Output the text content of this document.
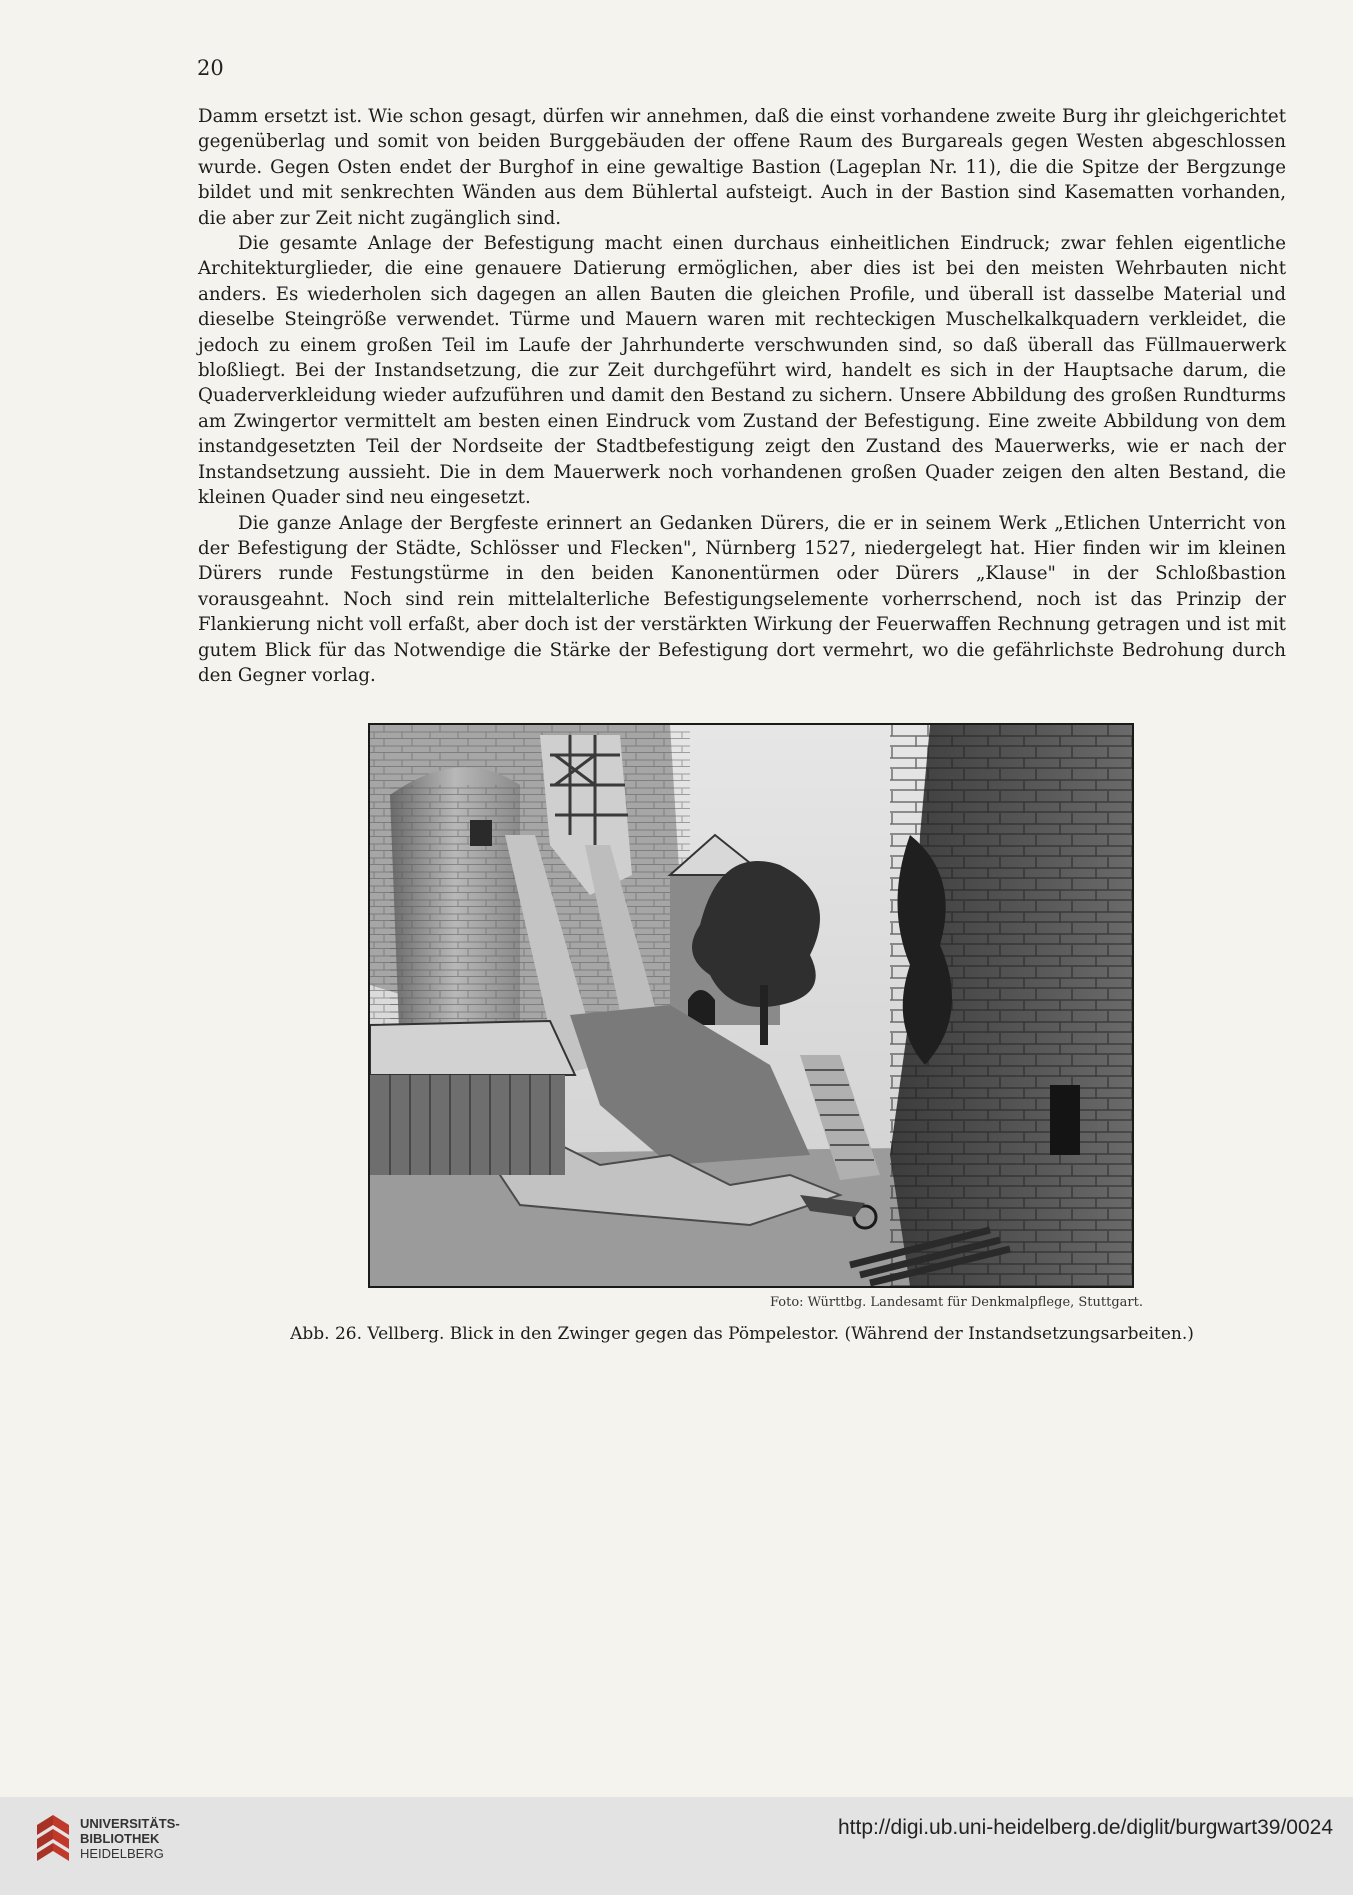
20

Damm ersetzt ist. Wie schon gesagt, dürfen wir annehmen, daß die einst vorhandene zweite Burg ihr gleichgerichtet gegenüberlag und somit von beiden Burggebäuden der offene Raum des Burgareals gegen Westen abgeschlossen wurde. Gegen Osten endet der Burghof in eine gewaltige Bastion (Lageplan Nr. 11), die die Spitze der Bergzunge bildet und mit senkrechten Wänden aus dem Bühlertal aufsteigt. Auch in der Bastion sind Kasematten vorhanden, die aber zur Zeit nicht zugänglich sind.

Die gesamte Anlage der Befestigung macht einen durchaus einheitlichen Eindruck; zwar fehlen eigentliche Architekturglieder, die eine genauere Datierung ermöglichen, aber dies ist bei den meisten Wehrbauten nicht anders. Es wiederholen sich dagegen an allen Bauten die gleichen Profile, und überall ist dasselbe Material und dieselbe Steingröße verwendet. Türme und Mauern waren mit rechteckigen Muschelkalkquadern verkleidet, die jedoch zu einem großen Teil im Laufe der Jahrhunderte verschwunden sind, so daß überall das Füllmauerwerk bloßliegt. Bei der Instandsetzung, die zur Zeit durchgeführt wird, handelt es sich in der Hauptsache darum, die Quaderverkleidung wieder aufzuführen und damit den Bestand zu sichern. Unsere Abbildung des großen Rundturms am Zwingertor vermittelt am besten einen Eindruck vom Zustand der Befestigung. Eine zweite Abbildung von dem instandgesetzten Teil der Nordseite der Stadtbefestigung zeigt den Zustand des Mauerwerks, wie er nach der Instandsetzung aussieht. Die in dem Mauerwerk noch vorhandenen großen Quader zeigen den alten Bestand, die kleinen Quader sind neu eingesetzt.

Die ganze Anlage der Bergfeste erinnert an Gedanken Dürers, die er in seinem Werk „Etlichen Unterricht von der Befestigung der Städte, Schlösser und Flecken", Nürnberg 1527, niedergelegt hat. Hier finden wir im kleinen Dürers runde Festungstürme in den beiden Kanonentürmen oder Dürers „Klause" in der Schloßbastion vorausgeahnt. Noch sind rein mittelalterliche Befestigungselemente vorherrschend, noch ist das Prinzip der Flankierung nicht voll erfaßt, aber doch ist der verstärkten Wirkung der Feuerwaffen Rechnung getragen und ist mit gutem Blick für das Notwendige die Stärke der Befestigung dort vermehrt, wo die gefährlichste Bedrohung durch den Gegner vorlag.

Foto: Württbg. Landesamt für Denkmalpflege, Stuttgart.
Abb. 26. Vellberg. Blick in den Zwinger gegen das Pömpelestor. (Während der Instandsetzungsarbeiten.)
UNIVERSITÄTS-
BIBLIOTHEK
HEIDELBERG
http://digi.ub.uni-heidelberg.de/diglit/burgwart39/0024
